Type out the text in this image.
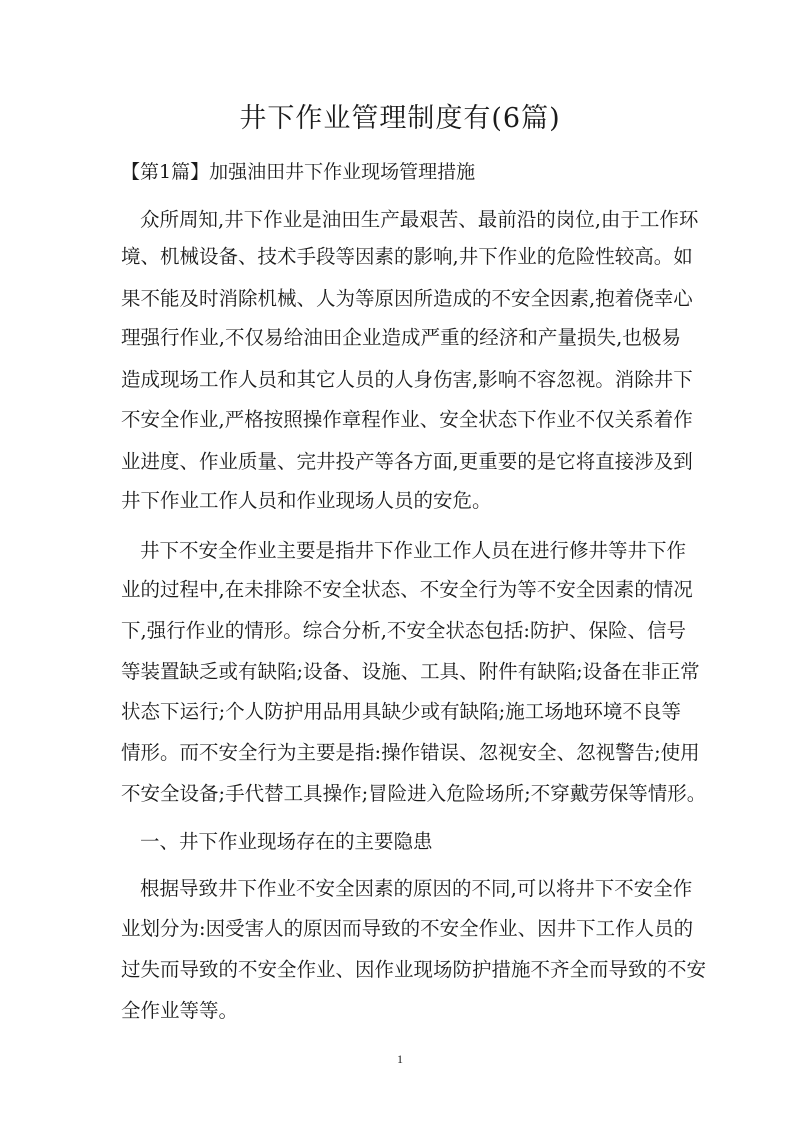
井下作业管理制度有(6篇)
【第1篇】加强油田井下作业现场管理措施
众所周知,井下作业是油田生产最艰苦、最前沿的岗位,由于工作环
境、机械设备、技术手段等因素的影响,井下作业的危险性较高。如
果不能及时消除机械、人为等原因所造成的不安全因素,抱着侥幸心
理强行作业,不仅易给油田企业造成严重的经济和产量损失,也极易
造成现场工作人员和其它人员的人身伤害,影响不容忽视。消除井下
不安全作业,严格按照操作章程作业、安全状态下作业不仅关系着作
业进度、作业质量、完井投产等各方面,更重要的是它将直接涉及到
井下作业工作人员和作业现场人员的安危。
井下不安全作业主要是指井下作业工作人员在进行修井等井下作
业的过程中,在未排除不安全状态、不安全行为等不安全因素的情况
下,强行作业的情形。综合分析,不安全状态包括:防护、保险、信号
等装置缺乏或有缺陷;设备、设施、工具、附件有缺陷;设备在非正常
状态下运行;个人防护用品用具缺少或有缺陷;施工场地环境不良等
情形。而不安全行为主要是指:操作错误、忽视安全、忽视警告;使用
不安全设备;手代替工具操作;冒险进入危险场所;不穿戴劳保等情形。
一、井下作业现场存在的主要隐患
根据导致井下作业不安全因素的原因的不同,可以将井下不安全作
业划分为:因受害人的原因而导致的不安全作业、因井下工作人员的
过失而导致的不安全作业、因作业现场防护措施不齐全而导致的不安
全作业等等。
1
